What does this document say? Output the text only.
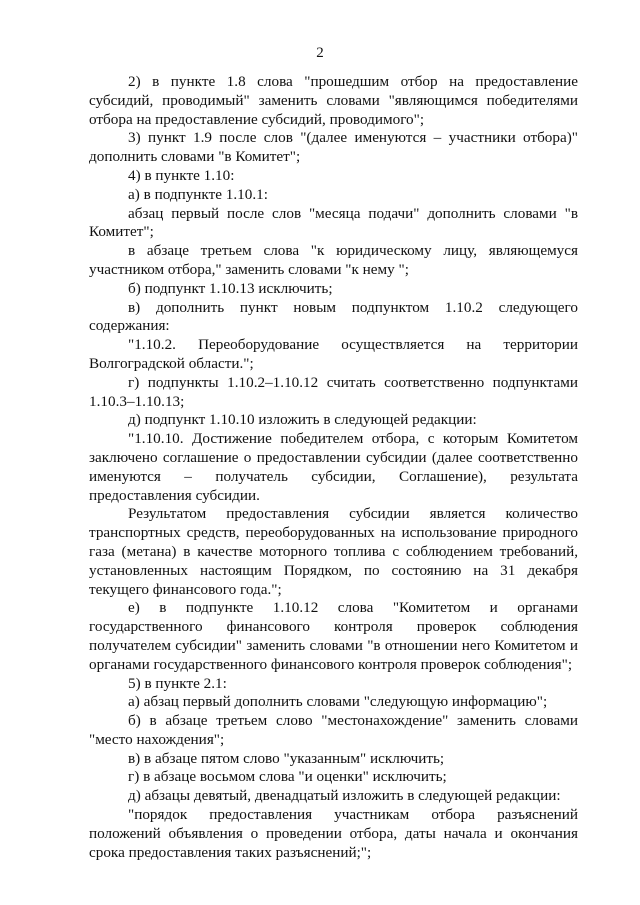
2

2) в пункте 1.8 слова "прошедшим отбор на предоставление субсидий, проводимый" заменить словами "являющимся победителями отбора на предоставление субсидий, проводимого";

3) пункт 1.9 после слов "(далее именуются – участники отбора)" дополнить словами "в Комитет";

4) в пункте 1.10:

а) в подпункте 1.10.1:

абзац первый после слов "месяца подачи" дополнить словами "в Комитет";

в абзаце третьем слова "к юридическому лицу, являющемуся участником отбора," заменить словами "к нему ";

б) подпункт 1.10.13 исключить;

в) дополнить пункт новым подпунктом 1.10.2 следующего содержания:

"1.10.2. Переоборудование осуществляется на территории Волгоградской области.";

г) подпункты 1.10.2–1.10.12 считать соответственно подпунктами 1.10.3–1.10.13;

д) подпункт 1.10.10 изложить в следующей редакции:

"1.10.10. Достижение победителем отбора, с которым Комитетом заключено соглашение о предоставлении субсидии (далее соответственно именуются – получатель субсидии, Соглашение), результата предоставления субсидии.

Результатом предоставления субсидии является количество транспортных средств, переоборудованных на использование природного газа (метана) в качестве моторного топлива с соблюдением требований, установленных настоящим Порядком, по состоянию на 31 декабря текущего финансового года.";

е) в подпункте 1.10.12 слова "Комитетом и органами государственного финансового контроля проверок соблюдения получателем субсидии" заменить словами "в отношении него Комитетом и органами государственного финансового контроля проверок соблюдения";

5) в пункте 2.1:

а) абзац первый дополнить словами "следующую информацию";

б) в абзаце третьем слово "местонахождение" заменить словами "место нахождения";

в) в абзаце пятом слово "указанным" исключить;

г) в абзаце восьмом слова "и оценки" исключить;

д) абзацы девятый, двенадцатый изложить в следующей редакции:

"порядок предоставления участникам отбора разъяснений положений объявления о проведении отбора, даты начала и окончания срока предоставления таких разъяснений;";
